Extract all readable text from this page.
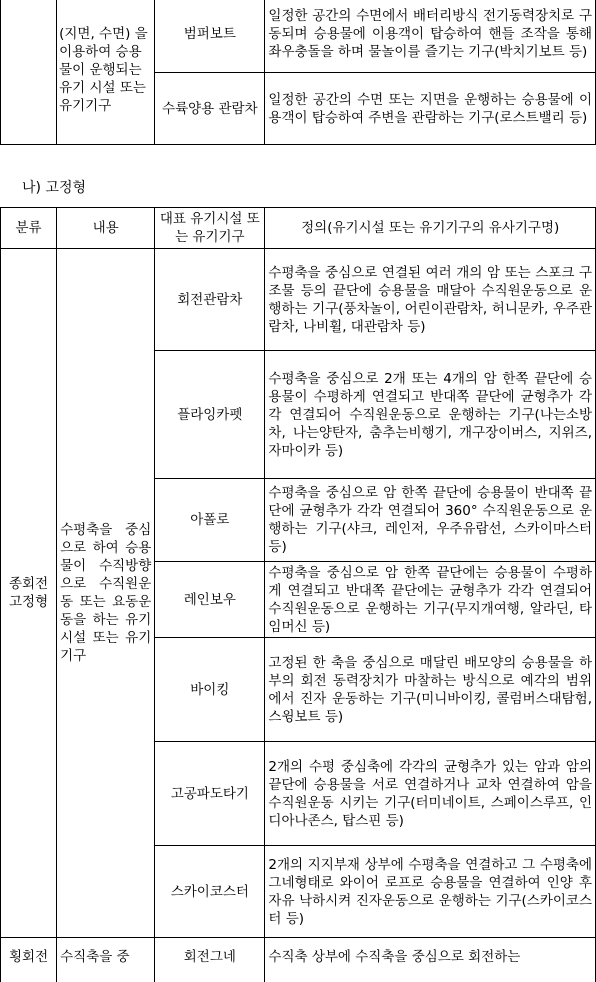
	(지면, 수면) 을 이용하여 승용물이 운행되는 유기 시설 또는 유기기구	범퍼보트	일정한 공간의 수면에서 배터리방식 전기동력장치로 구동되며 승용물에 이용객이 탑승하여 핸들 조작을 통해 좌우충돌을 하며 물놀이를 즐기는 기구(박치기보트 등)
		수륙양용 관람차	일정한 공간의 수면 또는 지면을 운행하는 승용물에 이용객이 탑승하여 주변을 관람하는 기구(로스트밸리 등)
나) 고정형
분류	내용	대표 유기시설 또는 유기기구	정의(유기시설 또는 유기기구의 유사기구명)
종회전 고정형	수평축을 중심으로 하여 승용물이 수직방향으로 수직원운동 또는 요동운동을 하는 유기시설 또는 유기기구	회전관람차	수평축을 중심으로 연결된 여러 개의 암 또는 스포크 구조물 등의 끝단에 승용물을 매달아 수직원운동으로 운행하는 기구(풍차놀이, 어린이관람차, 허니문카, 우주관람차, 나비휠, 대관람차 등)
		플라잉카펫	수평축을 중심으로 2개 또는 4개의 암 한쪽 끝단에 승용물이 수평하게 연결되고 반대쪽 끝단에 균형추가 각각 연결되어 수직원운동으로 운행하는 기구(나는소방차, 나는양탄자, 춤추는비행기, 개구장이버스, 지위즈, 자마이카 등)
		아폴로	수평축을 중심으로 암 한쪽 끝단에 승용물이 반대쪽 끝단에 균형추가 각각 연결되어 360° 수직원운동으로 운행하는 기구(샤크, 레인저, 우주유람선, 스카이마스터 등)
		레인보우	수평축을 중심으로 암 한쪽 끝단에는 승용물이 수평하게 연결되고 반대쪽 끝단에는 균형추가 각각 연결되어 수직원운동으로 운행하는 기구(무지개여행, 알라딘, 타임머신 등)
		바이킹	고정된 한 축을 중심으로 매달린 배모양의 승용물을 하부의 회전 동력장치가 마찰하는 방식으로 예각의 범위에서 진자 운동하는 기구(미니바이킹, 콜럼버스대탐험, 스윙보트 등)
		고공파도타기	2개의 수평 중심축에 각각의 균형추가 있는 암과 암의 끝단에 승용물을 서로 연결하거나 교차 연결하여 암을 수직원운동 시키는 기구(터미네이트, 스페이스루프, 인디아나존스, 탑스핀 등)
		스카이코스터	2개의 지지부재 상부에 수평축을 연결하고 그 수평축에 그네형태로 와이어 로프로 승용물을 연결하여 인양 후 자유 낙하시켜 진자운동으로 운행하는 기구(스카이코스터 등)
횡회전	수직축을 중	회전그네	수직축 상부에 수직축을 중심으로 회전하는
